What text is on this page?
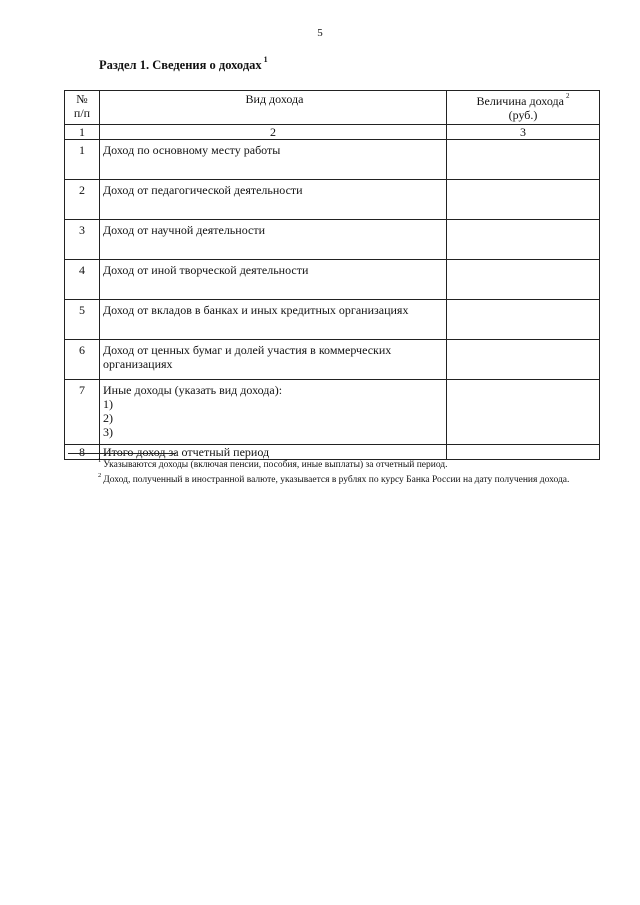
5
Раздел 1. Сведения о доходах $^1$
№
п/п	Вид дохода	Величина дохода $^2$
(руб.)

1	2	3
1	Доход по основному месту работы	
2	Доход от педагогической деятельности	
3	Доход от научной деятельности	
4	Доход от иной творческой деятельности	
5	Доход от вкладов в банках и иных кредитных организациях	
6	Доход от ценных бумаг и долей участия в коммерческих организациях	
7	Иные доходы (указать вид дохода):
1)
2)
3)	

8	Итого доход за отчетный период	

$^1$ Указываются доходы (включая пенсии, пособия, иные выплаты) за отчетный период.

$^2$ Доход, полученный в иностранной валюте, указывается в рублях по курсу Банка России на дату получения дохода.
